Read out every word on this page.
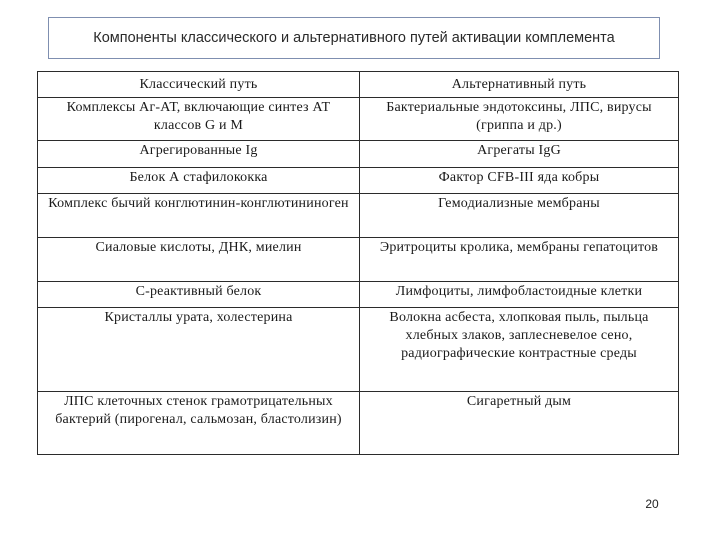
Компоненты классического и альтернативного путей активации комплемента
Классический путь	Альтернативный путь
Комплексы Аг-АТ, включающие синтез АТ классов G и M	Бактериальные эндотоксины, ЛПС, вирусы (гриппа и др.)
Агрегированные Ig	Агрегаты IgG
Белок А стафилококка	Фактор CFB-III яда кобры
Комплекс бычий конглютинин-конглютининоген	Гемодиализные мембраны
Сиаловые кислоты, ДНК, миелин	Эритроциты кролика, мембраны гепатоцитов
С-реактивный белок	Лимфоциты, лимфобластоидные клетки
Кристаллы урата, холестерина	Волокна асбеста, хлопковая пыль, пыльца хлебных злаков, заплесневелое сено, радиографические контрастные среды
ЛПС клеточных стенок грамотрицательных бактерий (пирогенал, сальмозан, бластолизин)	Сигаретный дым
20
